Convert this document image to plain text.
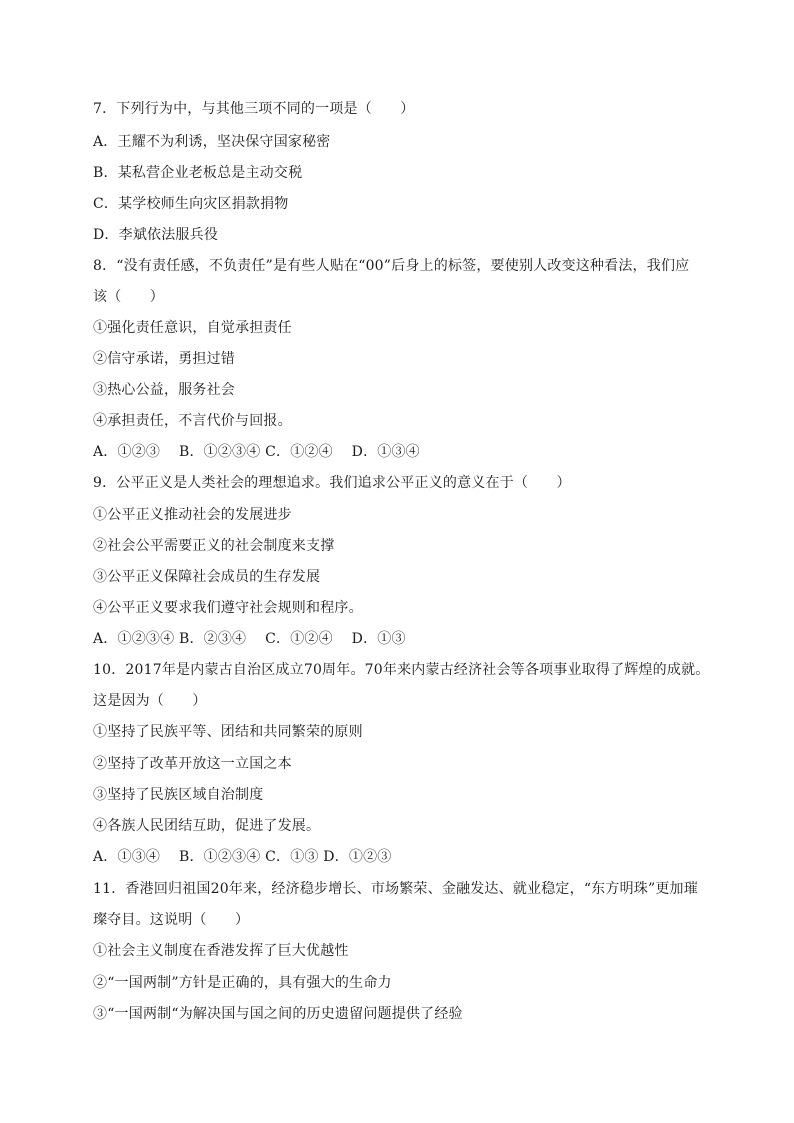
7．下列行为中，与其他三项不同的一项是（　　）
A．王耀不为利诱，坚决保守国家秘密
B．某私营企业老板总是主动交税
C．某学校师生向灾区捐款捐物
D．李斌依法服兵役
8．“没有责任感，不负责任”是有些人贴在“00”后身上的标签，要使别人改变这种看法，我们应
该（　　）
①强化责任意识，自觉承担责任
②信守承诺，勇担过错
③热心公益，服务社会
④承担责任，不言代价与回报。
A．①②③　 B．①②③④ C．①②④　 D．①③④
9．公平正义是人类社会的理想追求。我们追求公平正义的意义在于（　　）
①公平正义推动社会的发展进步
②社会公平需要正义的社会制度来支撑
③公平正义保障社会成员的生存发展
④公平正义要求我们遵守社会规则和程序。
A．①②③④ B．②③④　 C．①②④　 D．①③
10．2017年是内蒙古自治区成立70周年。70年来内蒙古经济社会等各项事业取得了辉煌的成就。
这是因为（　　）
①坚持了民族平等、团结和共同繁荣的原则
②坚持了改革开放这一立国之本
③坚持了民族区域自治制度
④各族人民团结互助，促进了发展。
A．①③④　 B．①②③④ C．①③ D．①②③
11．香港回归祖国20年来，经济稳步增长、市场繁荣、金融发达、就业稳定，“东方明珠”更加璀
璨夺目。这说明（　　）
①社会主义制度在香港发挥了巨大优越性
②“一国两制”方针是正确的，具有强大的生命力
③“一国两制“为解决国与国之间的历史遗留问题提供了经验
